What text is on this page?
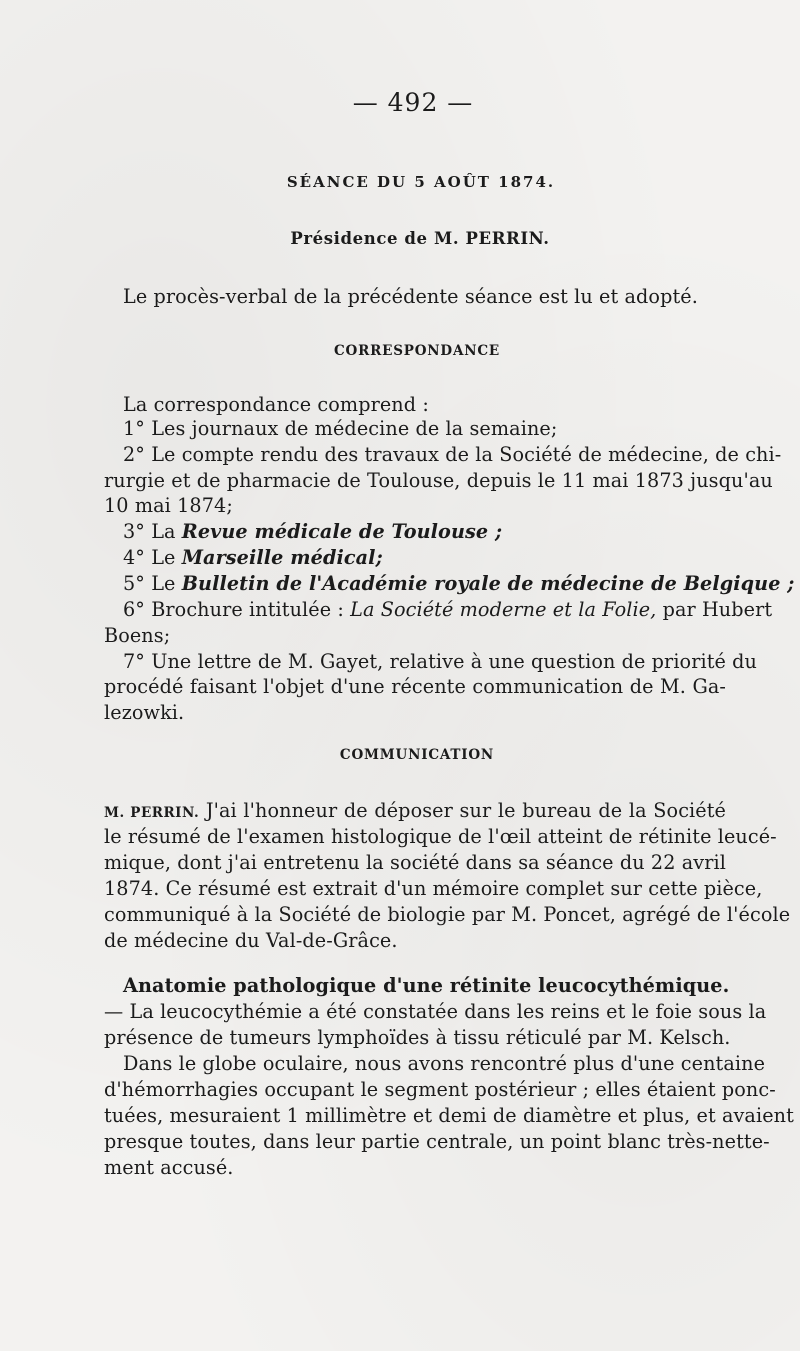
— 492 —
SÉANCE DU 5 AOÛT 1874.
Présidence de M. PERRIN.
Le procès-verbal de la précédente séance est lu et adopté.
CORRESPONDANCE
La correspondance comprend :
1° Les journaux de médecine de la semaine;
2° Le compte rendu des travaux de la Société de médecine, de chi-
rurgie et de pharmacie de Toulouse, depuis le 11 mai 1873 jusqu'au
10 mai 1874;
3° La Revue médicale de Toulouse ;
4° Le Marseille médical;
5° Le Bulletin de l'Académie royale de médecine de Belgique ;
6° Brochure intitulée : La Société moderne et la Folie, par Hubert
Boens;
7° Une lettre de M. Gayet, relative à une question de priorité du
procédé faisant l'objet d'une récente communication de M. Ga-
lezowki.
COMMUNICATION
M. PERRIN. J'ai l'honneur de déposer sur le bureau de la Société
le résumé de l'examen histologique de l'œil atteint de rétinite leucé-
mique, dont j'ai entretenu la société dans sa séance du 22 avril
1874. Ce résumé est extrait d'un mémoire complet sur cette pièce,
communiqué à la Société de biologie par M. Poncet, agrégé de l'école
de médecine du Val-de-Grâce.
Anatomie pathologique d'une rétinite leucocythémique.
— La leucocythémie a été constatée dans les reins et le foie sous la
présence de tumeurs lymphoïdes à tissu réticulé par M. Kelsch.
Dans le globe oculaire, nous avons rencontré plus d'une centaine
d'hémorrhagies occupant le segment postérieur ; elles étaient ponc-
tuées, mesuraient 1 millimètre et demi de diamètre et plus, et avaient
presque toutes, dans leur partie centrale, un point blanc très-nette-
ment accusé.
